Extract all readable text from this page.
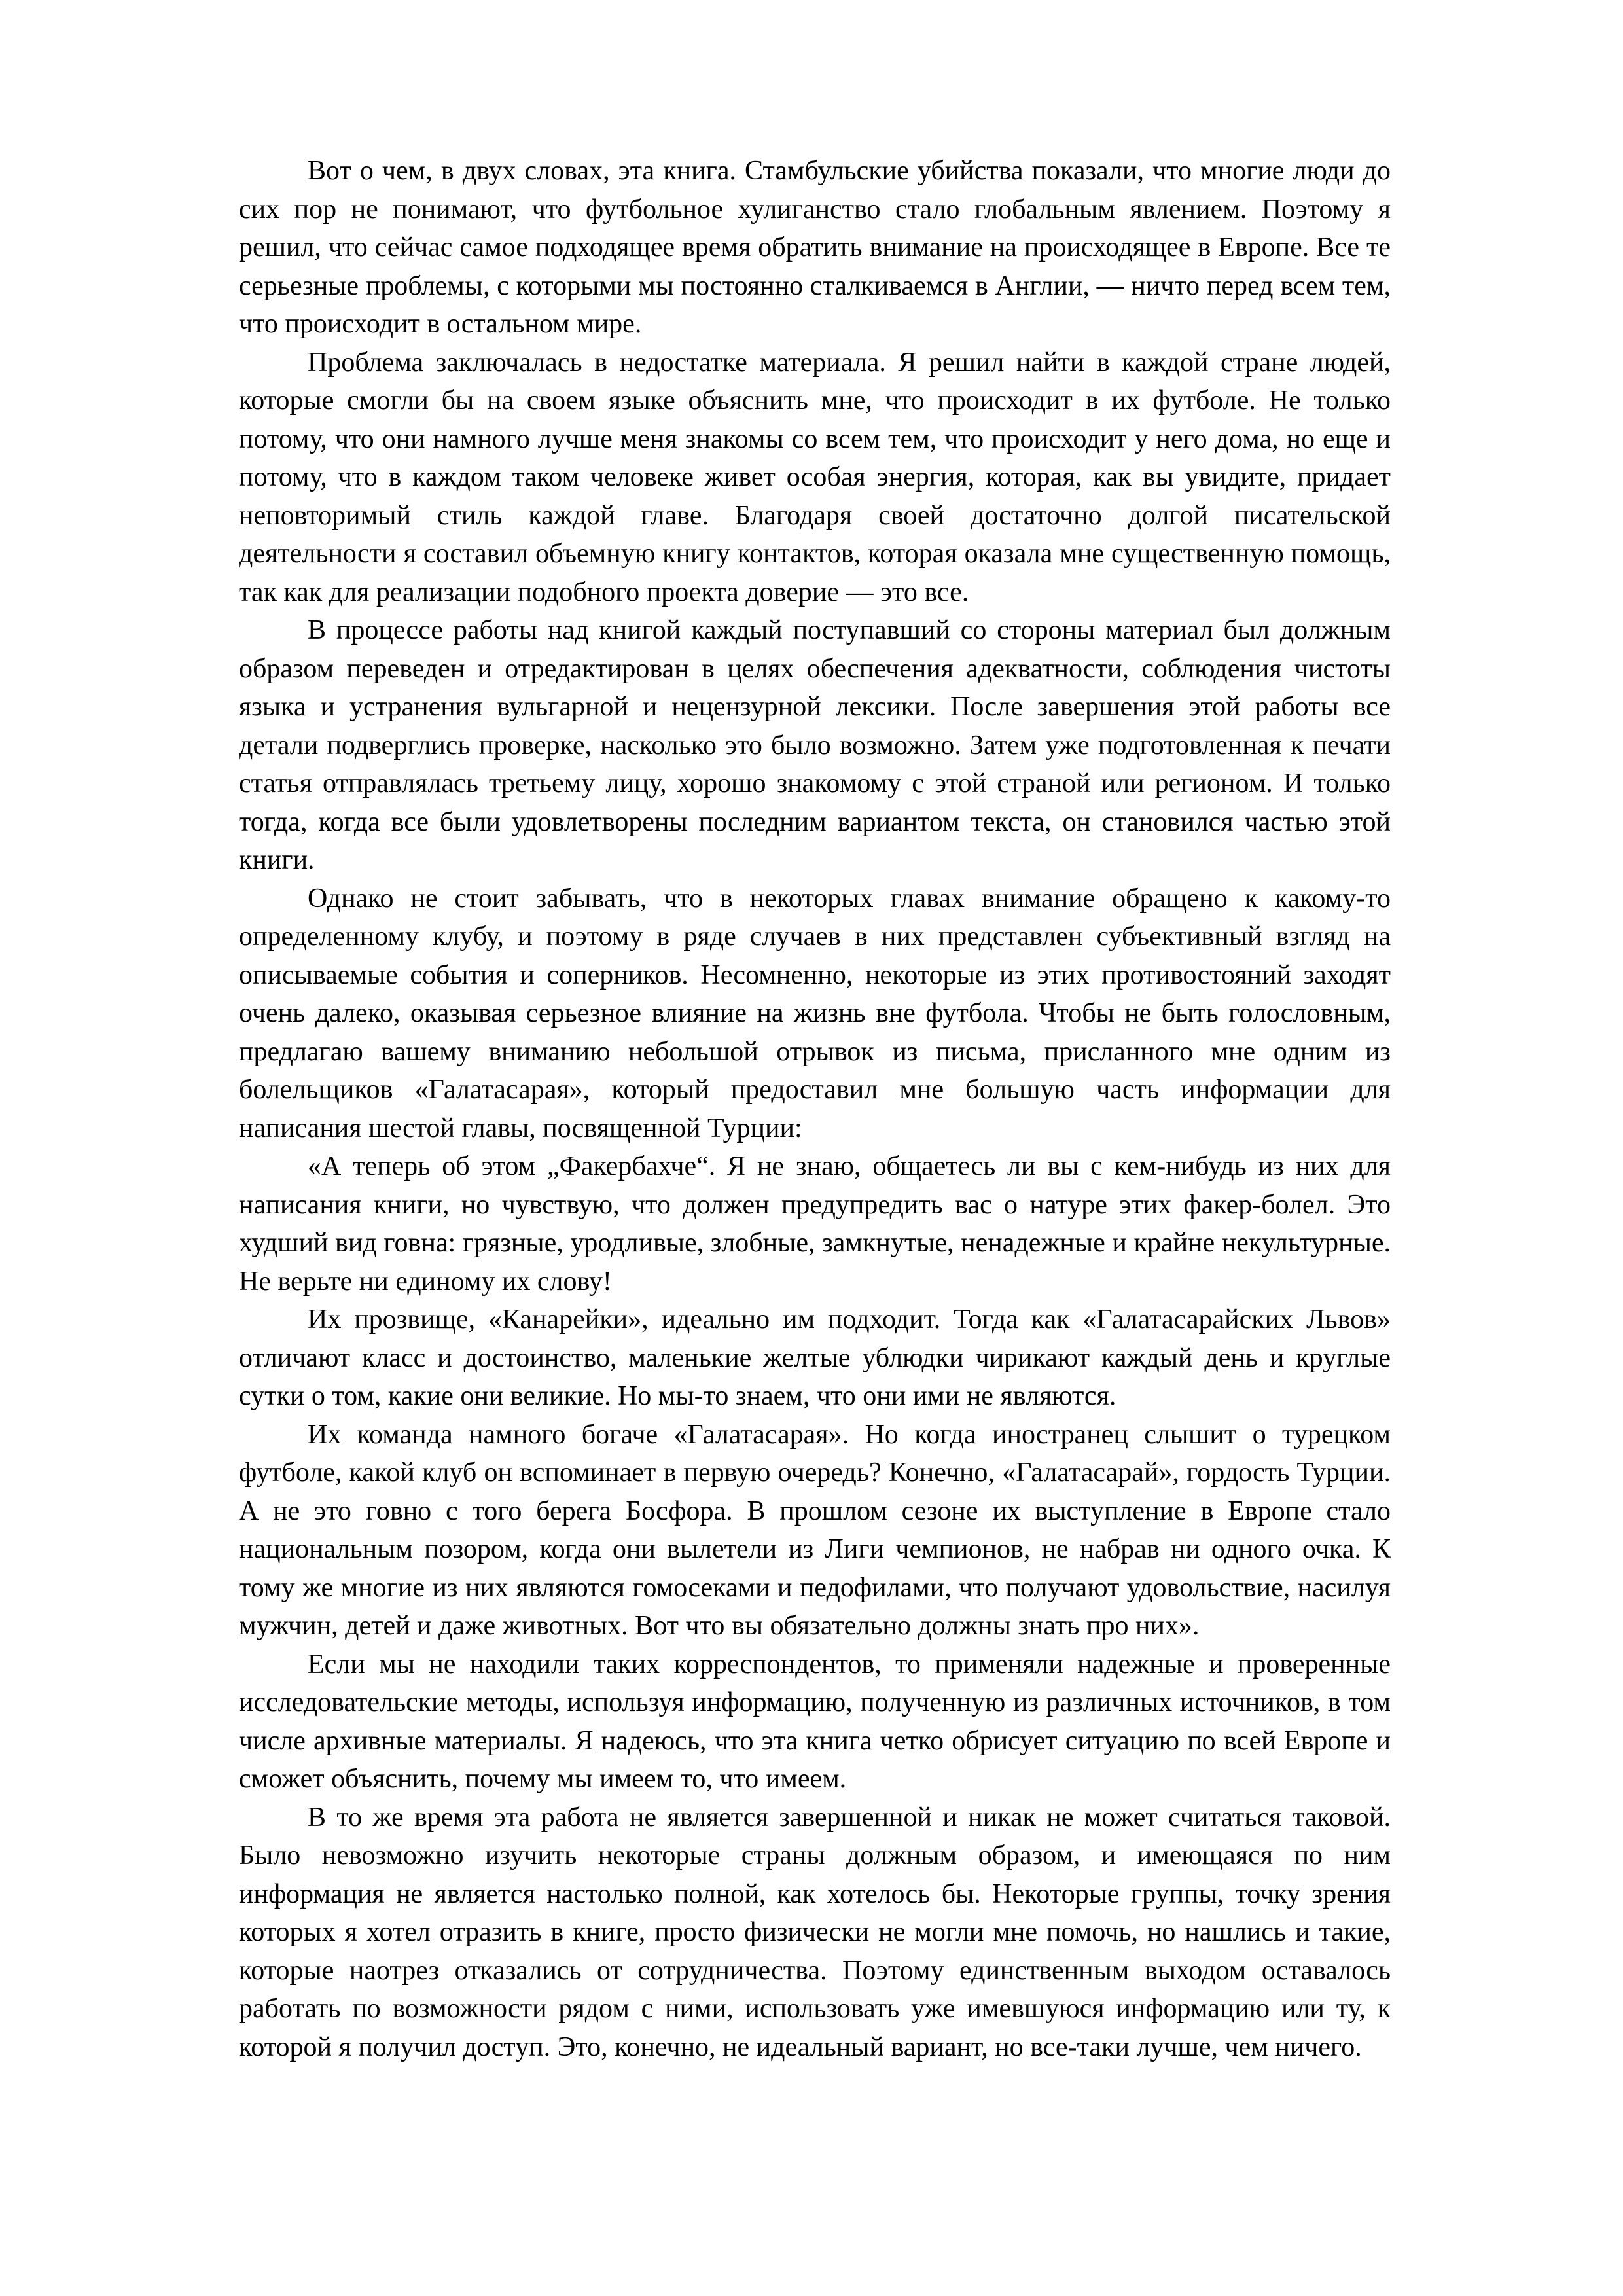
Вот о чем, в двух словах, эта книга. Стамбульские убийства показали, что многие люди до сих пор не понимают, что футбольное хулиганство стало глобальным явлением. Поэтому я решил, что сейчас самое подходящее время обратить внимание на происходящее в Европе. Все те серьезные проблемы, с которыми мы постоянно сталкиваемся в Англии, — ничто перед всем тем, что происходит в остальном мире.

Проблема заключалась в недостатке материала. Я решил найти в каждой стране людей, которые смогли бы на своем языке объяснить мне, что происходит в их футболе. Не только потому, что они намного лучше меня знакомы со всем тем, что происходит у него дома, но еще и потому, что в каждом таком человеке живет особая энергия, которая, как вы увидите, придает неповторимый стиль каждой главе. Благодаря своей достаточно долгой писательской деятельности я составил объемную книгу контактов, которая оказала мне существенную помощь, так как для реализации подобного проекта доверие — это все.

В процессе работы над книгой каждый поступавший со стороны материал был должным образом переведен и отредактирован в целях обеспечения адекватности, соблюдения чистоты языка и устранения вульгарной и нецензурной лексики. После завершения этой работы все детали подверглись проверке, насколько это было возможно. Затем уже подготовленная к печати статья отправлялась третьему лицу, хорошо знакомому с этой страной или регионом. И только тогда, когда все были удовлетворены последним вариантом текста, он становился частью этой книги.

Однако не стоит забывать, что в некоторых главах внимание обращено к какому-то определенному клубу, и поэтому в ряде случаев в них представлен субъективный взгляд на описываемые события и соперников. Несомненно, некоторые из этих противостояний заходят очень далеко, оказывая серьезное влияние на жизнь вне футбола. Чтобы не быть голословным, предлагаю вашему вниманию небольшой отрывок из письма, присланного мне одним из болельщиков «Галатасарая», который предоставил мне большую часть информации для написания шестой главы, посвященной Турции:

«А теперь об этом „Факербахче“. Я не знаю, общаетесь ли вы с кем-нибудь из них для написания книги, но чувствую, что должен предупредить вас о натуре этих факер-болел. Это худший вид говна: грязные, уродливые, злобные, замкнутые, ненадежные и крайне некультурные. Не верьте ни единому их слову!

Их прозвище, «Канарейки», идеально им подходит. Тогда как «Галатасарайских Львов» отличают класс и достоинство, маленькие желтые ублюдки чирикают каждый день и круглые сутки о том, какие они великие. Но мы-то знаем, что они ими не являются.

Их команда намного богаче «Галатасарая». Но когда иностранец слышит о турецком футболе, какой клуб он вспоминает в первую очередь? Конечно, «Галатасарай», гордость Турции. А не это говно с того берега Босфора. В прошлом сезоне их выступление в Европе стало национальным позором, когда они вылетели из Лиги чемпионов, не набрав ни одного очка. К тому же многие из них являются гомосеками и педофилами, что получают удовольствие, насилуя мужчин, детей и даже животных. Вот что вы обязательно должны знать про них».

Если мы не находили таких корреспондентов, то применяли надежные и проверенные исследовательские методы, используя информацию, полученную из различных источников, в том числе архивные материалы. Я надеюсь, что эта книга четко обрисует ситуацию по всей Европе и сможет объяснить, почему мы имеем то, что имеем.

В то же время эта работа не является завершенной и никак не может считаться таковой. Было невозможно изучить некоторые страны должным образом, и имеющаяся по ним информация не является настолько полной, как хотелось бы. Некоторые группы, точку зрения которых я хотел отразить в книге, просто физически не могли мне помочь, но нашлись и такие, которые наотрез отказались от сотрудничества. Поэтому единственным выходом оставалось работать по возможности рядом с ними, использовать уже имевшуюся информацию или ту, к которой я получил доступ. Это, конечно, не идеальный вариант, но все-таки лучше, чем ничего.
